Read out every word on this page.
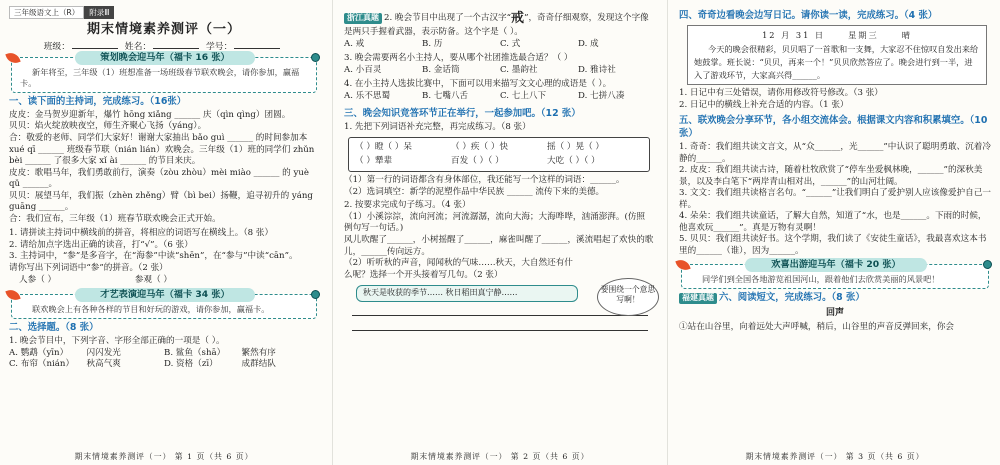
三年级语文上（R） 附录Ⅲ
期末情境素养测评（一）
班级：	姓名：	学号：
策划晚会迎马年（福卡 16 张）
新年将至，三年级（1）班想准备一场班级春节联欢晚会，请你参加，赢福卡。
一、读下面的主持词，完成练习。（16张）
皮皮：金马贺岁迎新年，爆竹 hōng xiǎng ______ 庆（qìn qìng）团圆。
贝贝：焰火绽放映夜空，师生齐聚心飞扬（yáng）。
合：敬爱的老师、同学们大家好！谢谢大家抽出 bǎo guì ______ 的时间参加本 xué qī ______ 班级春节联（nián lián）欢晚会。三年级（1）班的同学们 zhǔn bèi ______ 了很多大家 xǐ ài ______ 的节目来庆。
皮皮：歌唱马年，我们勇敢前行，演奏（zòu zhòu）mèi miào ______ 的 yuè qǔ ______。
贝贝：展望马年，我们振（zhèn zhěng）臂（bì bei）扬鞭，追寻初升的 yáng guāng ______。
合：我们宣布，三年级（1）班春节联欢晚会正式开始。
1. 请拼读主持词中横线前的拼音，将相应的词语写在横线上。（8 张）
2. 请给加点字选出正确的读音，打“√”。（6 张）
3. 主持词中，“参”是多音字，在“海参”中读“shēn”，在“参与”中读“cān”。
请你写出下列词语中“参”的拼音。（2 张）
人参（ ）	参观（ ）
才艺表演迎马年（福卡 34 张）
联欢晚会上有各种各样的节目和好玩的游戏，请你参加，赢福卡。
二、选择题。（8 张）
1. 晚会节目中，下列字音、字形全部正确的一项是（ ）。
A. 鹦鹉（yīn）	闪闪发光	B. 鲨鱼（shā）	繁然有序
C. 布帘（nián）	秋高气爽	D. 资格（zī）	成群结队
期末情境素养测评（一） 第 1 页（共 6 页）
浙江真题 2. 晚会节目中出现了一个古汉字“戒”，奇奇仔细观察，发现这个字像是两只手握着武器，表示防备。这个字是（ ）。
A. 戒	B. 历	C. 式	D. 成
3. 晚会需要两名小主持人，要从哪个社团推选最合适？（ ）
A. 小百灵	B. 金话筒	C. 墨韵社	D. 雅诗社
4. 在小主持人选拔比赛中，下面可以用来描写文文心理的成语是（ ）。
A. 乐不思蜀	B. 七嘴八舌	C. 七上八下	D. 七拼八凑
三、晚会知识竞答环节正在举行，一起参加吧。（12 张）
1. 先把下列词语补充完整，再完成练习。（8 张）
（ ）瞪（ ）呆	（ ）疾（ ）快	摇（ ）晃（ ）
（ ）犟辈	百发（ ）（ ）	大吃（ ）（ ）
（1）第一行的词语都含有身体部位，我还能写一个这样的词语：______。
（2）选词填空：新学的泥塑作品中华民族 ______ 流传下来的美德。
2. 按要求完成句子练习。（4 张）
（1）小溪淙淙，流向河流；河流潺潺，流向大海；大海哗哗，汹涌澎湃。(仿照例句写一句话。)
风儿吹醒了______，小树摇醒了______，麻雀叫醒了______，溪流唱起了欢快的歌儿，______传向远方。
（2）听听秋的声音，闻闻秋的气味……秋天，大自然还有什么呢？选择一个开头接着写几句。（2 张）
要围绕一个意思写啊！
秋天是收获的季节…… 秋日稻田真宁静……

期末情境素养测评（一） 第 2 页（共 6 页）
四、奇奇边看晚会边写日记。请你读一读，完成练习。（4 张）
12 月 31 日	星期三	晴

今天的晚会很精彩，贝贝唱了一首歌和一支舞，大家忍不住惊叹自发出来给她鼓掌。班长说：“贝贝，再来一个！”贝贝欣然答应了。晚会进行到一半，进入了游戏环节，大家高兴得______。

1. 日记中有三处错误，请你用修改符号修改。（3 张）
2. 日记中的横线上补充合适的内容。（1 张）
五、联欢晚会分享环节，各小组交流体会。根据课文内容和积累填空。（10 张）
1. 奇奇：我们组共读文言文，从“众______，光______”中认识了聪明勇敢、沉着冷静的______。
2. 皮皮：我们组共读古诗，随着杜牧欣赏了“停车坐爱枫林晚，______”的深秋美景，以及李白笔下“两岸青山相对出，______”的山河壮阔。
3. 文文：我们组共读格言名句。“______”让我们明白了爱护别人应该像爱护自己一样。
4. 朵朵：我们组共读童话，了解大自然，知道了“水，也是______。下雨的时候，他喜欢玩______”。真是万物有灵啊！
5. 贝贝：我们组共读好书。这个学期，我们读了《安徒生童话》，我最喜欢这本书里的______（谁），因为______。
欢喜出游迎马年（福卡 20 张）
同学们到全国各地游览祖国河山，跟着他们去欣赏美丽的风景吧！
福建真题 六、阅读短文，完成练习。（8 张）
回声
①站在山谷里，向着远处大声呼喊，稍后，山谷里的声音反弹回来，你会
期末情境素养测评（一） 第 3 页（共 6 页）
